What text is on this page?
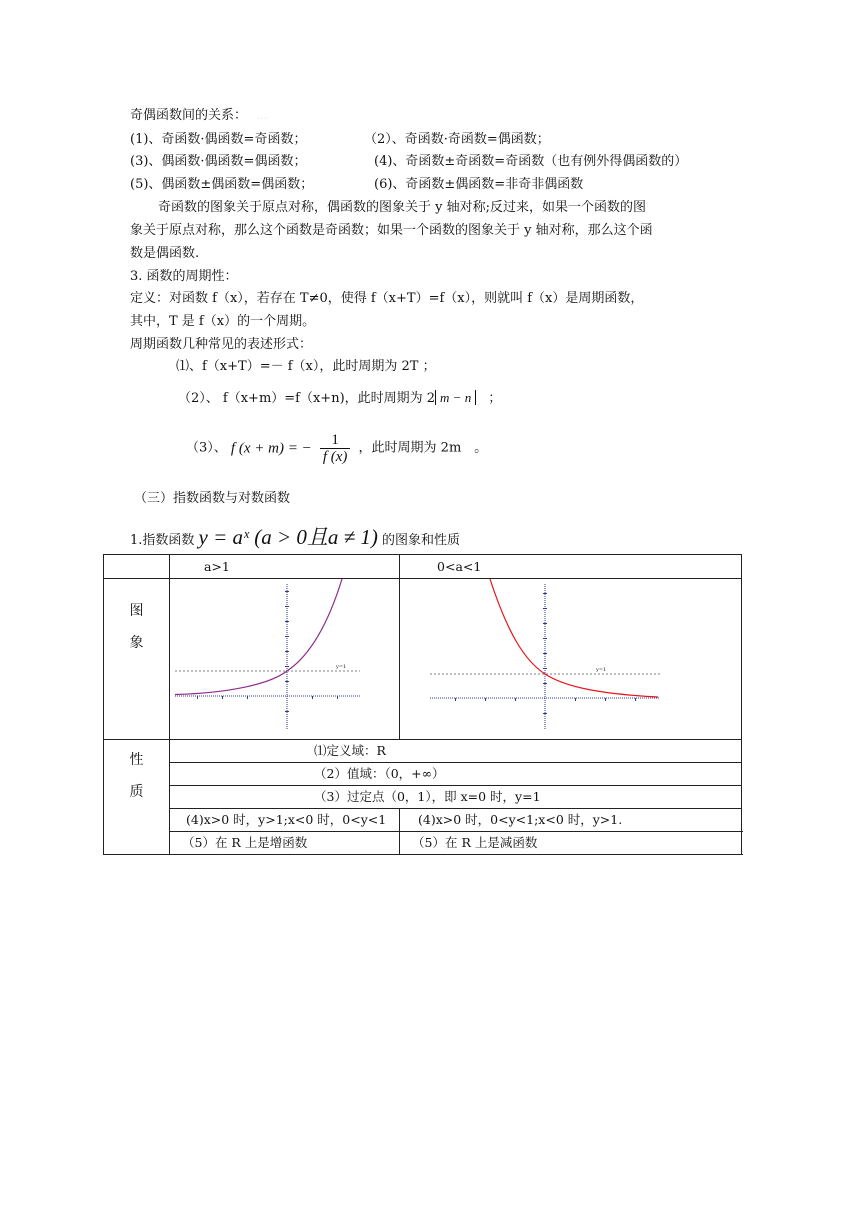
奇偶函数间的关系： ...
(1)、奇函数·偶函数=奇函数；	（2）、奇函数·奇函数=偶函数；
(3)、偶函数·偶函数=偶函数；	(4)、奇函数±奇函数=奇函数（也有例外得偶函数的）
(5)、偶函数±偶函数=偶函数；	(6)、奇函数±偶函数=非奇非偶函数
奇函数的图象关于原点对称，偶函数的图象关于 y 轴对称;反过来，如果一个函数的图
象关于原点对称，那么这个函数是奇函数；如果一个函数的图象关于 y 轴对称，那么这个函
数是偶函数.
3. 函数的周期性：
定义：对函数 f（x），若存在 T≠0，使得 f（x+T）=f（x），则就叫 f（x）是周期函数，
其中，T 是 f（x）的一个周期。
周期函数几种常见的表述形式：
⑴、f（x+T）=－ f（x），此时周期为 2T ；
（2）、 f（x+m）=f（x+n)，此时周期为 2 m − n ；
（3）、 f (x + m) = − $\frac{1}{f (x)}$ ，此时周期为 2m　。
（三）指数函数与对数函数
1.指数函数 y = aˣ (a > 0且a ≠ 1) 的图象和性质
	a>1	0<a<1
图

象	y=1	y=1

性

质	⑴定义域：R	
	（2）值域：（0，+∞）	
	（3）过定点（0，1），即 x=0 时，y=1	
	(4)x>0 时，y>1;x<0 时，0<y<1	(4)x>0 时，0<y<1;x<0 时，y>1.
	（5）在 R 上是增函数	（5）在 R 上是减函数
